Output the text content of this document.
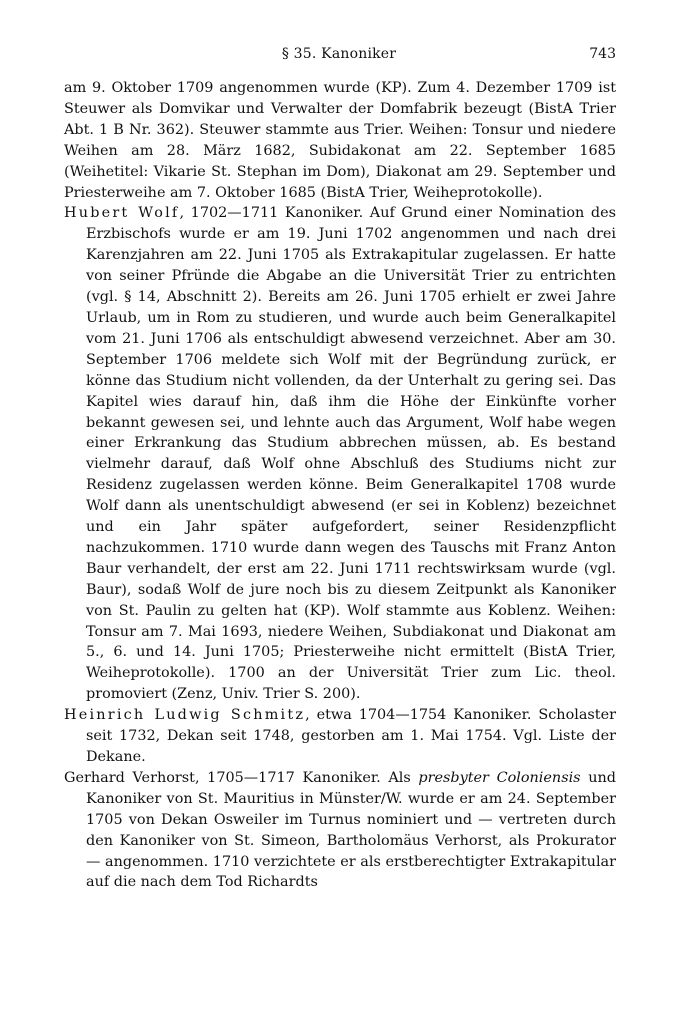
§ 35. Kanoniker	743

am 9. Oktober 1709 angenommen wurde (KP). Zum 4. Dezember 1709 ist Steuwer als Domvikar und Verwalter der Domfabrik bezeugt (BistA Trier Abt. 1 B Nr. 362). Steuwer stammte aus Trier. Weihen: Tonsur und niedere Weihen am 28. März 1682, Subidakonat am 22. September 1685 (Weihetitel: Vikarie St. Stephan im Dom), Diakonat am 29. September und Priesterweihe am 7. Oktober 1685 (BistA Trier, Weiheprotokolle).

Hubert Wolf, 1702—1711 Kanoniker. Auf Grund einer Nomination des Erzbischofs wurde er am 19. Juni 1702 angenommen und nach drei Karenzjahren am 22. Juni 1705 als Extrakapitular zugelassen. Er hatte von seiner Pfründe die Abgabe an die Universität Trier zu entrichten (vgl. § 14, Abschnitt 2). Bereits am 26. Juni 1705 erhielt er zwei Jahre Urlaub, um in Rom zu studieren, und wurde auch beim Generalkapitel vom 21. Juni 1706 als entschuldigt abwesend verzeichnet. Aber am 30. September 1706 meldete sich Wolf mit der Begründung zurück, er könne das Studium nicht vollenden, da der Unterhalt zu gering sei. Das Kapitel wies darauf hin, daß ihm die Höhe der Einkünfte vorher bekannt gewesen sei, und lehnte auch das Argument, Wolf habe wegen einer Erkrankung das Studium abbrechen müssen, ab. Es bestand vielmehr darauf, daß Wolf ohne Abschluß des Studiums nicht zur Residenz zugelassen werden könne. Beim Generalkapitel 1708 wurde Wolf dann als unentschuldigt abwesend (er sei in Koblenz) bezeichnet und ein Jahr später aufgefordert, seiner Residenzpflicht nachzukommen. 1710 wurde dann wegen des Tauschs mit Franz Anton Baur verhandelt, der erst am 22. Juni 1711 rechtswirksam wurde (vgl. Baur), sodaß Wolf de jure noch bis zu diesem Zeitpunkt als Kanoniker von St. Paulin zu gelten hat (KP). Wolf stammte aus Koblenz. Weihen: Tonsur am 7. Mai 1693, niedere Weihen, Subdiakonat und Diakonat am 5., 6. und 14. Juni 1705; Priesterweihe nicht ermittelt (BistA Trier, Weiheprotokolle). 1700 an der Universität Trier zum Lic. theol. promoviert (Zenz, Univ. Trier S. 200).

Heinrich Ludwig Schmitz, etwa 1704—1754 Kanoniker. Scholaster seit 1732, Dekan seit 1748, gestorben am 1. Mai 1754. Vgl. Liste der Dekane.

Gerhard Verhorst, 1705—1717 Kanoniker. Als presbyter Coloniensis und Kanoniker von St. Mauritius in Münster/W. wurde er am 24. September 1705 von Dekan Osweiler im Turnus nominiert und — vertreten durch den Kanoniker von St. Simeon, Bartholomäus Verhorst, als Prokurator — angenommen. 1710 verzichtete er als erstberechtigter Extrakapitular auf die nach dem Tod Richardts
